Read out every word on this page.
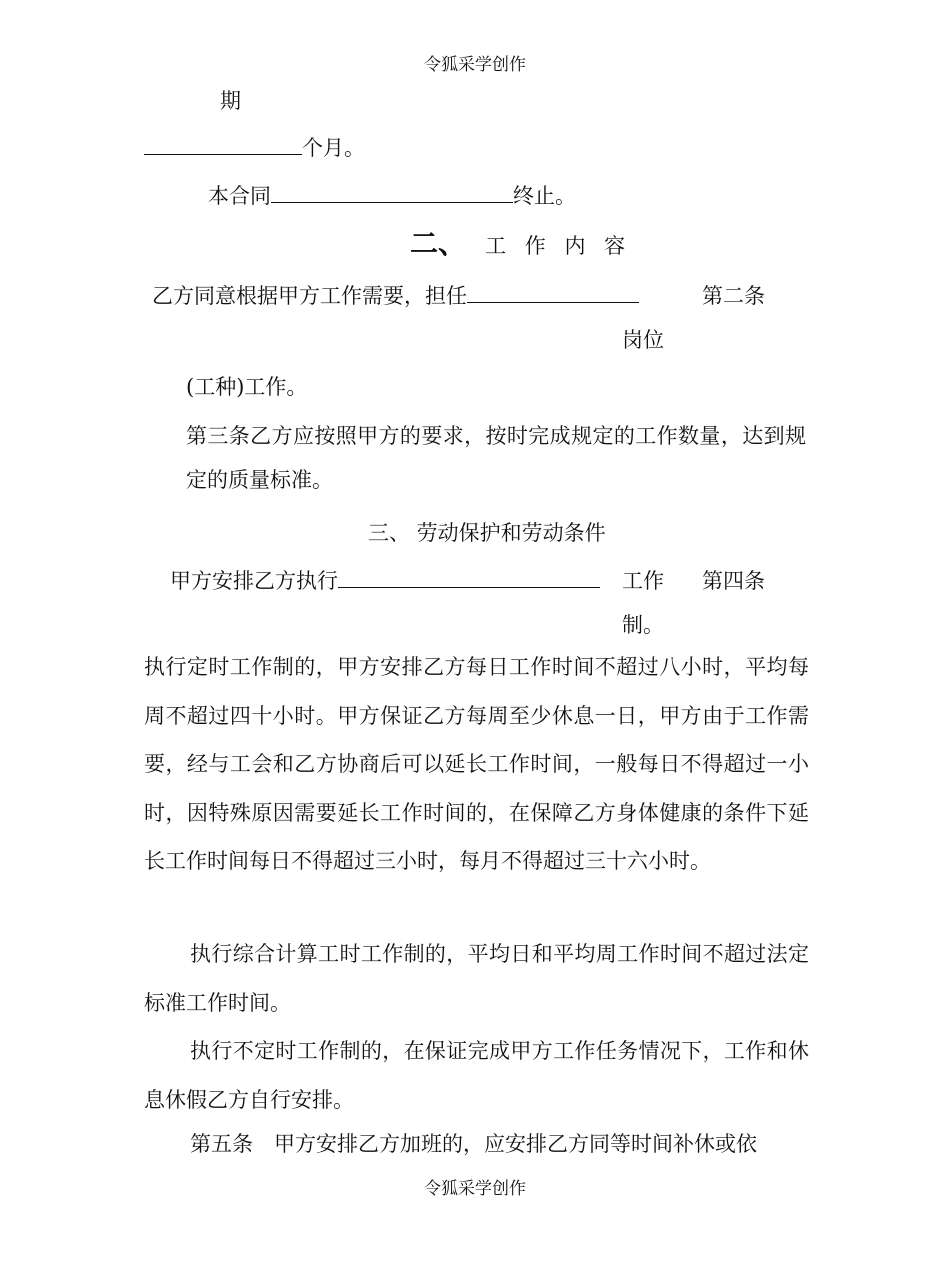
令狐采学创作
期
个月。
本合同	终止。
二、 工 作 内 容
乙方同意根据甲方工作需要，担任	第二条
岗位
(工种)工作。
第三条乙方应按照甲方的要求，按时完成规定的工作数量，达到规定的质量标准。
三、 劳动保护和劳动条件
甲方安排乙方执行	工作 第四条
制。
执行定时工作制的，甲方安排乙方每日工作时间不超过八小时，平均每周不超过四十小时。甲方保证乙方每周至少休息一日，甲方由于工作需要，经与工会和乙方协商后可以延长工作时间，一般每日不得超过一小时，因特殊原因需要延长工作时间的，在保障乙方身体健康的条件下延长工作时间每日不得超过三小时，每月不得超过三十六小时。
执行综合计算工时工作制的，平均日和平均周工作时间不超过法定标准工作时间。
执行不定时工作制的，在保证完成甲方工作任务情况下，工作和休息休假乙方自行安排。
第五条　甲方安排乙方加班的，应安排乙方同等时间补休或依
令狐采学创作
